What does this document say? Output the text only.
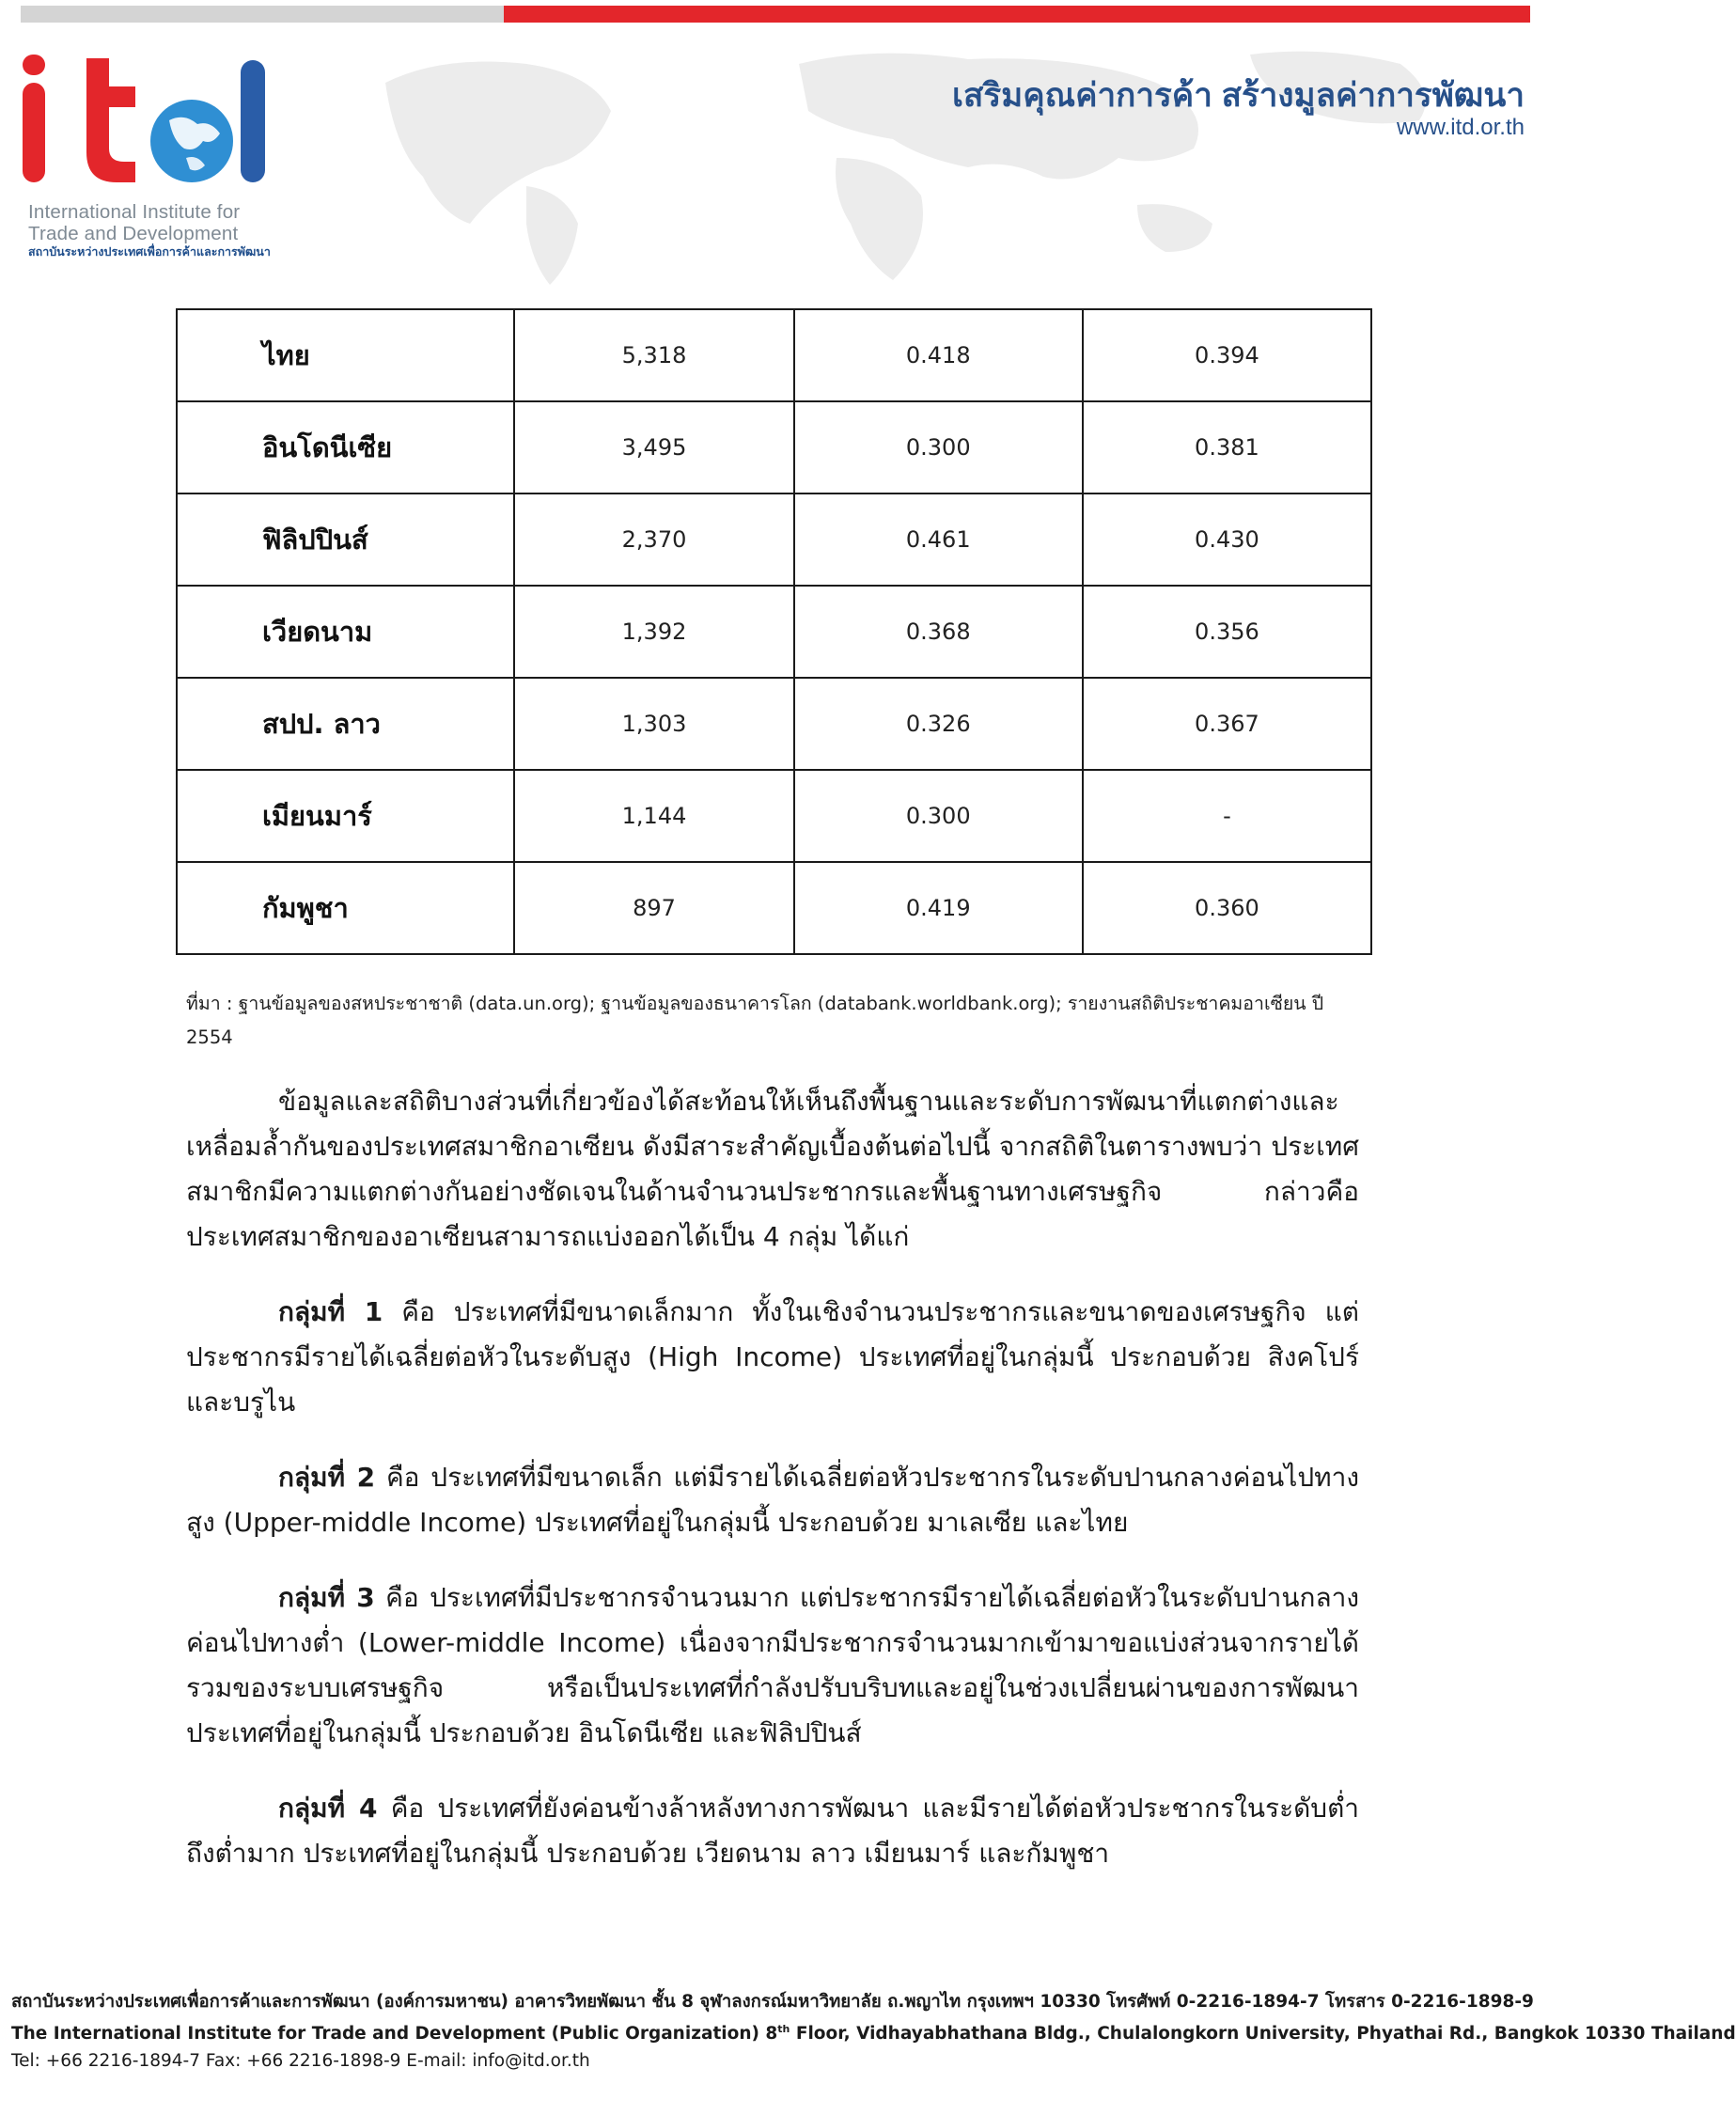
International Institute for
Trade and Development
สถาบันระหว่างประเทศเพื่อการค้าและการพัฒนา
เสริมคุณค่าการค้า สร้างมูลค่าการพัฒนา
www.itd.or.th
ไทย	5,318	0.418	0.394
อินโดนีเซีย	3,495	0.300	0.381
ฟิลิปปินส์	2,370	0.461	0.430
เวียดนาม	1,392	0.368	0.356
สปป. ลาว	1,303	0.326	0.367
เมียนมาร์	1,144	0.300	-
กัมพูชา	897	0.419	0.360
ที่มา : ฐานข้อมูลของสหประชาชาติ (data.un.org); ฐานข้อมูลของธนาคารโลก (databank.worldbank.org); รายงานสถิติประชาคมอาเซียน ปี
2554

ข้อมูลและสถิติบางส่วนที่เกี่ยวข้องได้สะท้อนให้เห็นถึงพื้นฐานและระดับการพัฒนาที่แตกต่างและเหลื่อมล้ำกันของประเทศสมาชิกอาเซียน ดังมีสาระสำคัญเบื้องต้นต่อไปนี้ จากสถิติในตารางพบว่า ประเทศสมาชิกมีความแตกต่างกันอย่างชัดเจนในด้านจำนวนประชากรและพื้นฐานทางเศรษฐกิจ กล่าวคือ ประเทศสมาชิกของอาเซียนสามารถแบ่งออกได้เป็น 4 กลุ่ม ได้แก่

กลุ่มที่ 1 คือ ประเทศที่มีขนาดเล็กมาก ทั้งในเชิงจำนวนประชากรและขนาดของเศรษฐกิจ แต่ประชากรมีรายได้เฉลี่ยต่อหัวในระดับสูง (High Income) ประเทศที่อยู่ในกลุ่มนี้ ประกอบด้วย สิงคโปร์ และบรูไน

กลุ่มที่ 2 คือ ประเทศที่มีขนาดเล็ก แต่มีรายได้เฉลี่ยต่อหัวประชากรในระดับปานกลางค่อนไปทางสูง (Upper-middle Income) ประเทศที่อยู่ในกลุ่มนี้ ประกอบด้วย มาเลเซีย และไทย

กลุ่มที่ 3 คือ ประเทศที่มีประชากรจำนวนมาก แต่ประชากรมีรายได้เฉลี่ยต่อหัวในระดับปานกลางค่อนไปทางต่ำ (Lower-middle Income) เนื่องจากมีประชากรจำนวนมากเข้ามาขอแบ่งส่วนจากรายได้รวมของระบบเศรษฐกิจ หรือเป็นประเทศที่กำลังปรับบริบทและอยู่ในช่วงเปลี่ยนผ่านของการพัฒนา ประเทศที่อยู่ในกลุ่มนี้ ประกอบด้วย อินโดนีเซีย และฟิลิปปินส์

กลุ่มที่ 4 คือ ประเทศที่ยังค่อนข้างล้าหลังทางการพัฒนา และมีรายได้ต่อหัวประชากรในระดับต่ำถึงต่ำมาก ประเทศที่อยู่ในกลุ่มนี้ ประกอบด้วย เวียดนาม ลาว เมียนมาร์ และกัมพูชา

สถาบันระหว่างประเทศเพื่อการค้าและการพัฒนา (องค์การมหาชน) อาคารวิทยพัฒนา ชั้น 8 จุฬาลงกรณ์มหาวิทยาลัย ถ.พญาไท กรุงเทพฯ 10330 โทรศัพท์ 0-2216-1894-7 โทรสาร 0-2216-1898-9
The International Institute for Trade and Development (Public Organization) 8th Floor, Vidhayabhathana Bldg., Chulalongkorn University, Phyathai Rd., Bangkok 10330 Thailand
Tel: +66 2216-1894-7 Fax: +66 2216-1898-9 E-mail: info@itd.or.th
